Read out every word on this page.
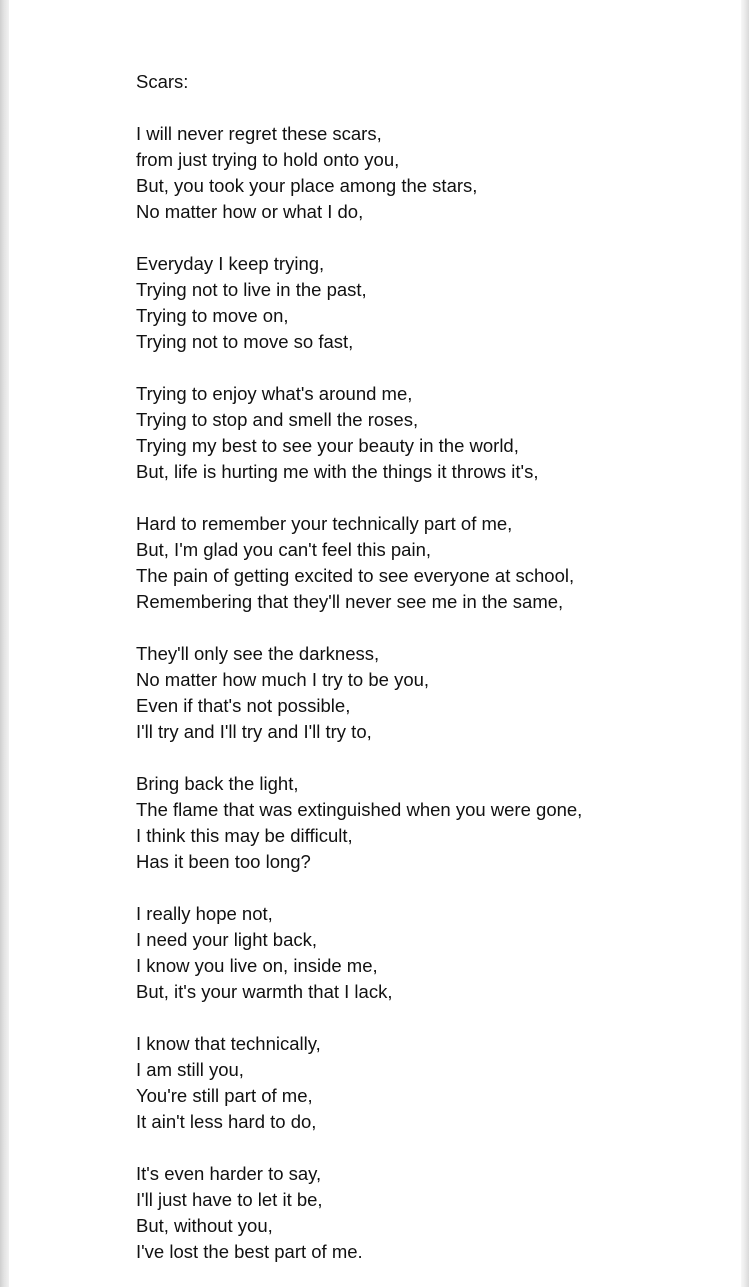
Scars:
I will never regret these scars,
from just trying to hold onto you,
But, you took your place among the stars,
No matter how or what I do,
Everyday I keep trying,
Trying not to live in the past,
Trying to move on,
Trying not to move so fast,
Trying to enjoy what's around me,
Trying to stop and smell the roses,
Trying my best to see your beauty in the world,
But, life is hurting me with the things it throws it's,
Hard to remember your technically part of me,
But, I'm glad you can't feel this pain,
The pain of getting excited to see everyone at school,
Remembering that they'll never see me in the same,
They'll only see the darkness,
No matter how much I try to be you,
Even if that's not possible,
I'll try and I'll try and I'll try to,
Bring back the light,
The flame that was extinguished when you were gone,
I think this may be difficult,
Has it been too long?
I really hope not,
I need your light back,
I know you live on, inside me,
But, it's your warmth that I lack,
I know that technically,
I am still you,
You're still part of me,
It ain't less hard to do,
It's even harder to say,
I'll just have to let it be,
But, without you,
I've lost the best part of me.
